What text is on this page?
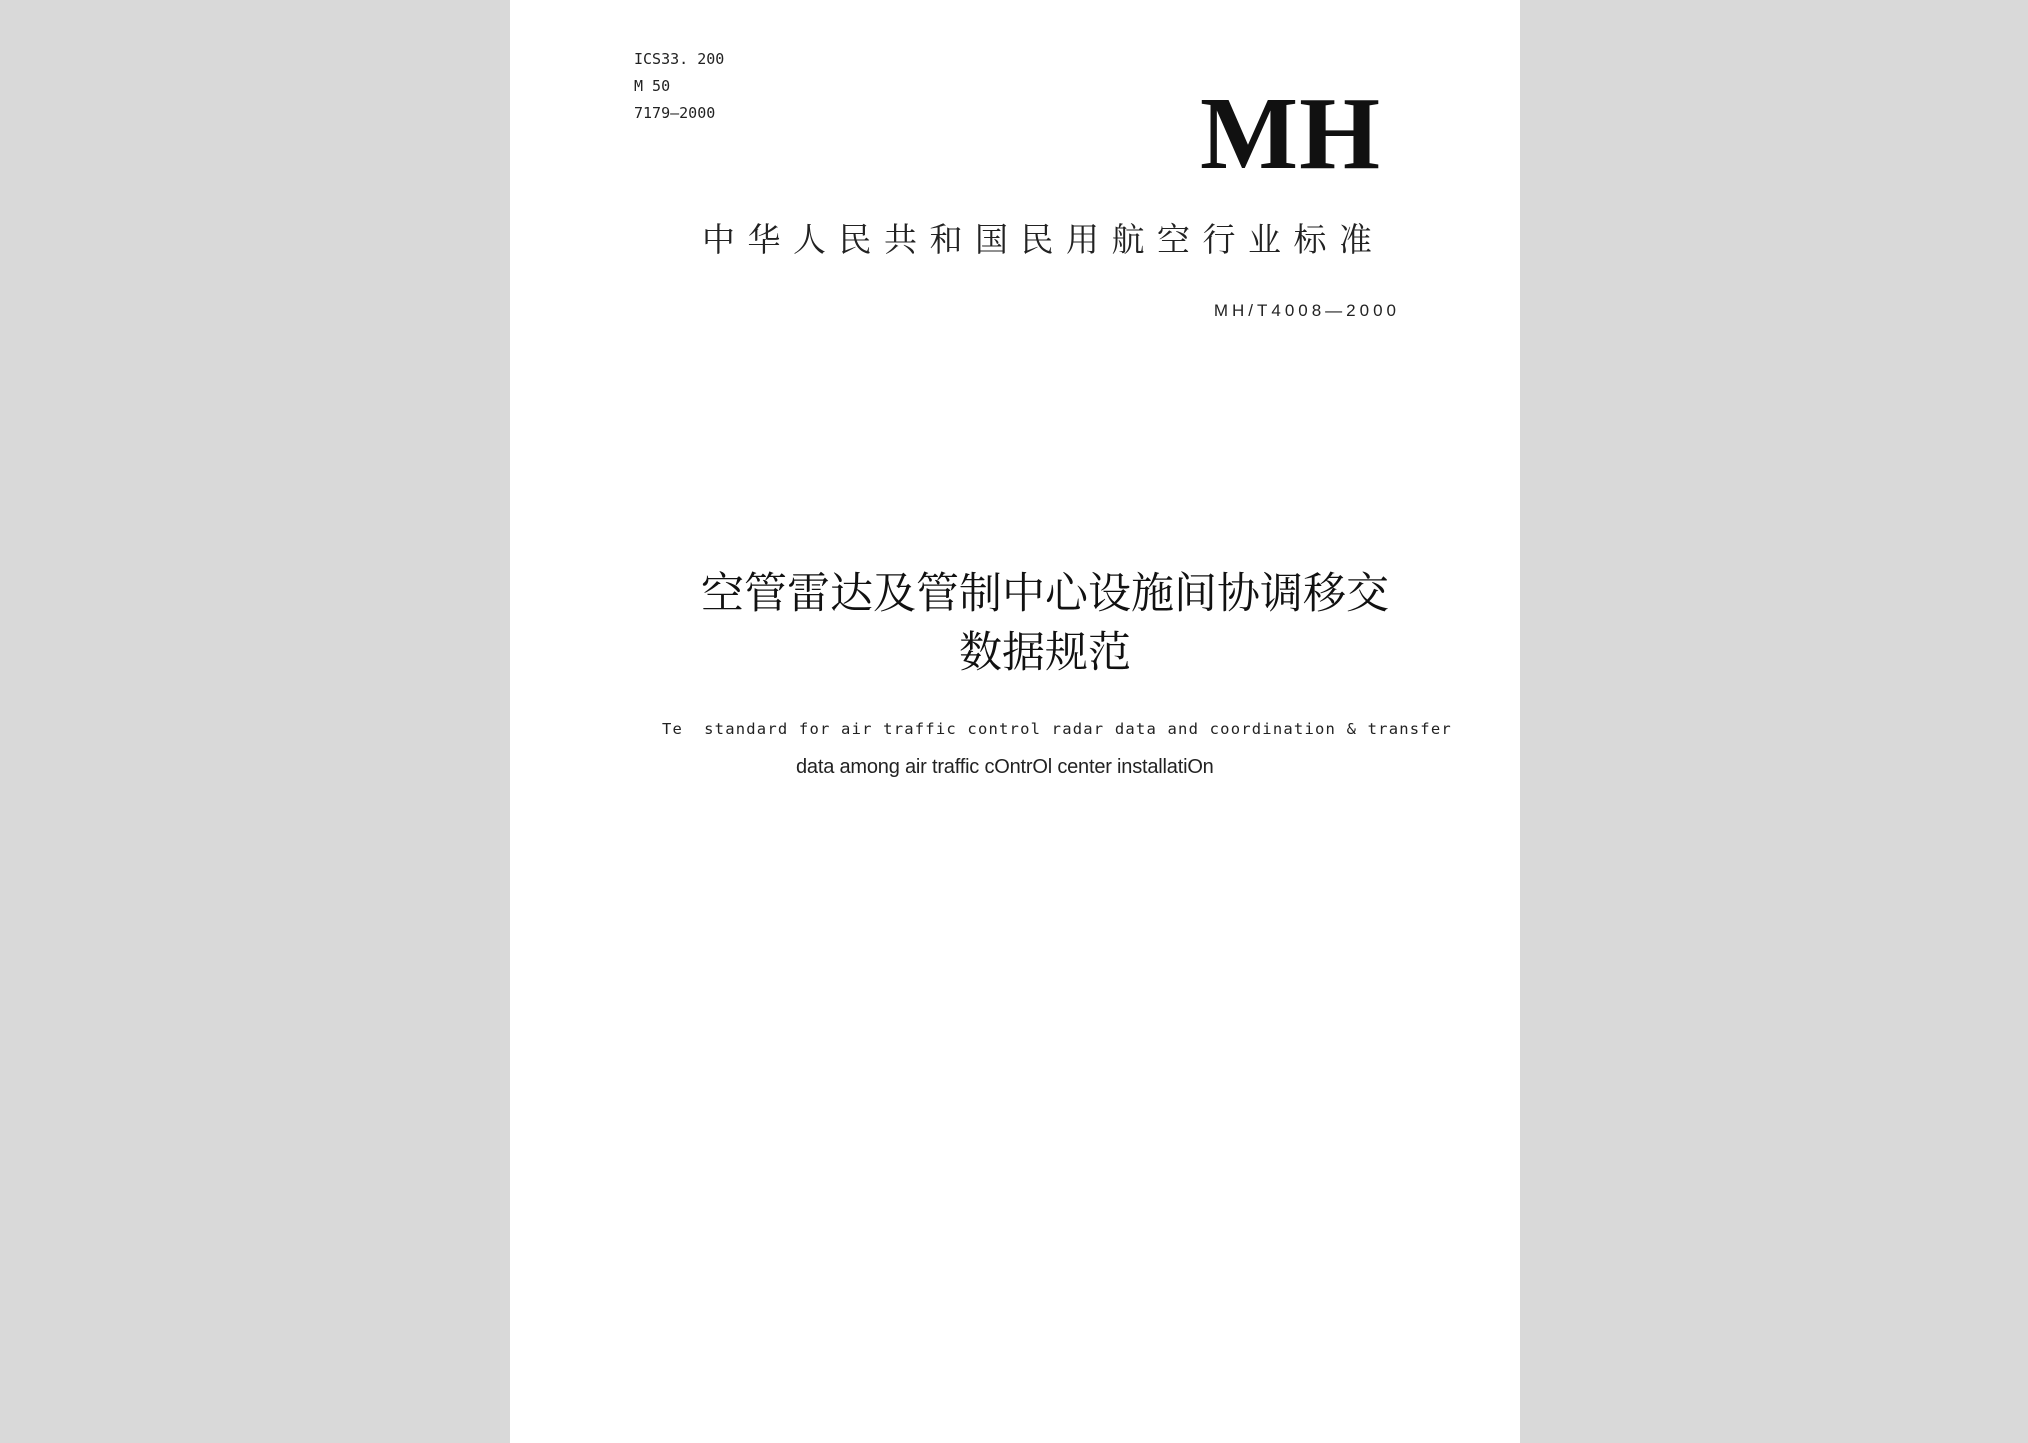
ICS33. 200
M 50
7179—2000	MH
中华人民共和国民用航空行业标准
MH/T4008—2000
空管雷达及管制中心设施间协调移交
数据规范
Te  standard for air traffic control radar data and coordination & transfer
data among air traffic cOntrOl center installatiOn
